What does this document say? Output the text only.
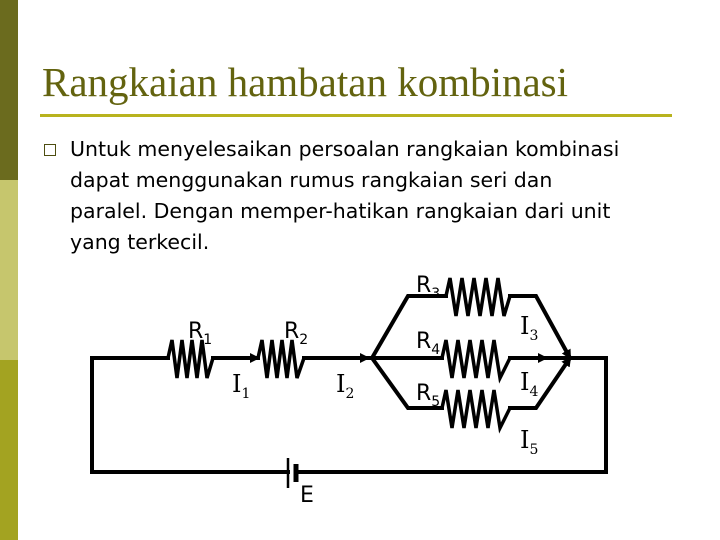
Rangkaian hambatan kombinasi
Untuk menyelesaikan persoalan rangkaian kombinasi
dapat menggunakan rumus rangkaian seri dan
paralel. Dengan memper-hatikan rangkaian dari unit
yang terkecil.
$R_1$	$R_2$
$R_3$
$R_4$
$R_5$
$I_1$	$I_2$
$I_3$
$I_4$
$I_5$
E
